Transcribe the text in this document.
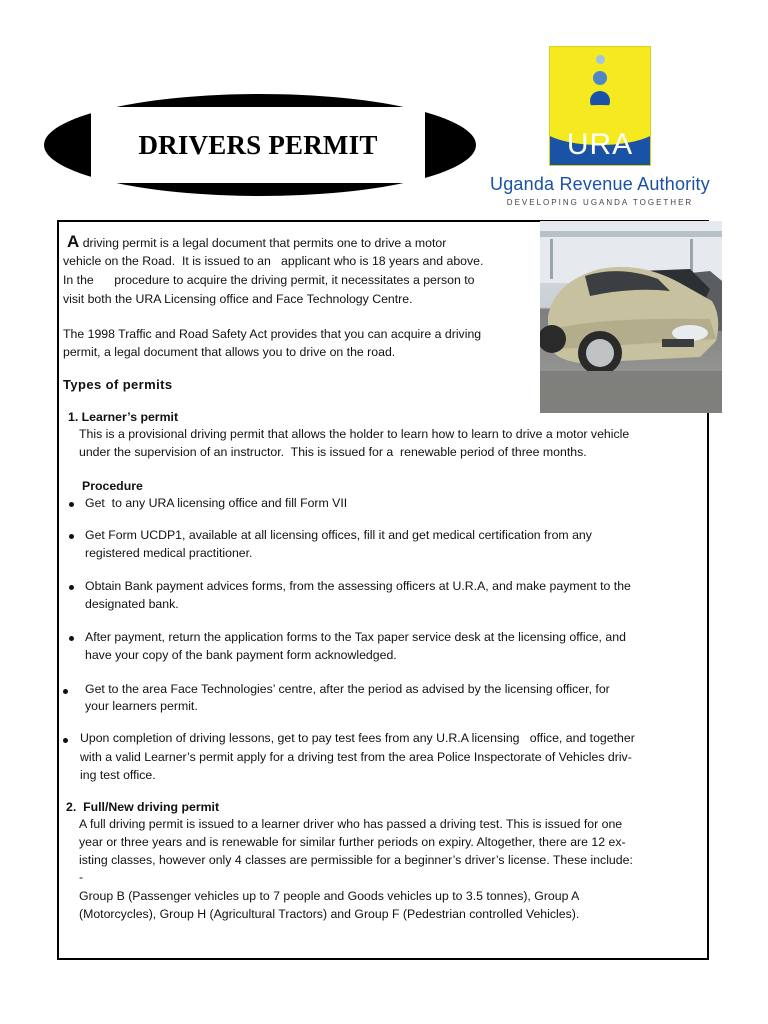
DRIVERS PERMIT	URA
Uganda Revenue Authority
DEVELOPING UGANDA TOGETHER
A driving permit is a legal document that permits one to drive a motor
vehicle on the Road.  It is issued to an   applicant who is 18 years and above.
In the      procedure to acquire the driving permit, it necessitates a person to
visit both the URA Licensing office and Face Technology Centre.
The 1998 Traffic and Road Safety Act provides that you can acquire a driving
permit, a legal document that allows you to drive on the road.
Types of permits
1. Learner’s permit
This is a provisional driving permit that allows the holder to learn how to learn to drive a motor vehicle
under the supervision of an instructor.  This is issued for a  renewable period of three months.
Procedure
Get  to any URA licensing office and fill Form VII
Get Form UCDP1, available at all licensing offices, fill it and get medical certification from any
registered medical practitioner.
Obtain Bank payment advices forms, from the assessing officers at U.R.A, and make payment to the
designated bank.
After payment, return the application forms to the Tax paper service desk at the licensing office, and
have your copy of the bank payment form acknowledged.
Get to the area Face Technologies’ centre, after the period as advised by the licensing officer, for
your learners permit.
Upon completion of driving lessons, get to pay test fees from any U.R.A licensing   office, and together
with a valid Learner’s permit apply for a driving test from the area Police Inspectorate of Vehicles driv-
ing test office.
2.  Full/New driving permit
A full driving permit is issued to a learner driver who has passed a driving test. This is issued for one
year or three years and is renewable for similar further periods on expiry. Altogether, there are 12 ex-
isting classes, however only 4 classes are permissible for a beginner’s driver’s license. These include:
-
Group B (Passenger vehicles up to 7 people and Goods vehicles up to 3.5 tonnes), Group A
(Motorcycles), Group H (Agricultural Tractors) and Group F (Pedestrian controlled Vehicles).
